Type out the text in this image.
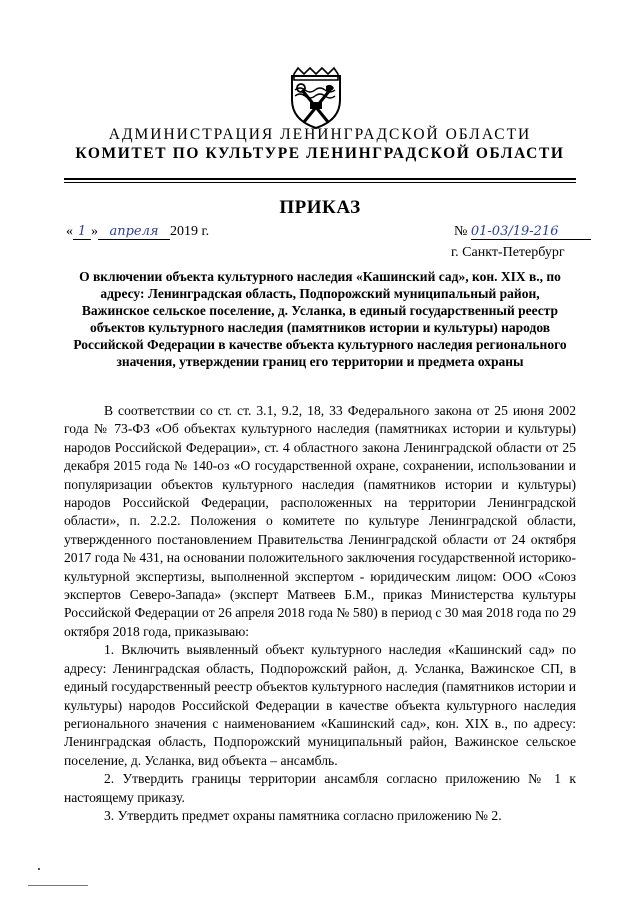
АДМИНИСТРАЦИЯ ЛЕНИНГРАДСКОЙ ОБЛАСТИ
КОМИТЕТ ПО КУЛЬТУРЕ ЛЕНИНГРАДСКОЙ ОБЛАСТИ
ПРИКАЗ
« 1 » апреля 2019 г.	№ 01-03/19-216
г. Санкт-Петербург
О включении объекта культурного наследия «Кашинский сад», кон. XIX в., по адресу: Ленинградская область, Подпорожский муниципальный район, Важинское сельское поселение, д. Усланка, в единый государственный реестр объектов культурного наследия (памятников истории и культуры) народов Российской Федерации в качестве объекта культурного наследия регионального значения, утверждении границ его территории и предмета охраны

В соответствии со ст. ст. 3.1, 9.2, 18, 33 Федерального закона от 25 июня 2002 года № 73-ФЗ «Об объектах культурного наследия (памятниках истории и культуры) народов Российской Федерации», ст. 4 областного закона Ленинградской области от 25 декабря 2015 года № 140-оз «О государственной охране, сохранении, использовании и популяризации объектов культурного наследия (памятников истории и культуры) народов Российской Федерации, расположенных на территории Ленинградской области», п. 2.2.2. Положения о комитете по культуре Ленинградской области, утвержденного постановлением Правительства Ленинградской области от 24 октября 2017 года № 431, на основании положительного заключения государственной историко-культурной экспертизы, выполненной экспертом - юридическим лицом: ООО «Союз экспертов Северо-Запада» (эксперт Матвеев Б.М., приказ Министерства культуры Российской Федерации от 26 апреля 2018 года № 580) в период с 30 мая 2018 года по 29 октября 2018 года, приказываю:

1. Включить выявленный объект культурного наследия «Кашинский сад» по адресу: Ленинградская область, Подпорожский район, д. Усланка, Важинское СП, в единый государственный реестр объектов культурного наследия (памятников истории и культуры) народов Российской Федерации в качестве объекта культурного наследия регионального значения с наименованием «Кашинский сад», кон. XIX в., по адресу: Ленинградская область, Подпорожский муниципальный район, Важинское сельское поселение, д. Усланка, вид объекта – ансамбль.

2. Утвердить границы территории ансамбля согласно приложению № 1 к настоящему приказу.

3. Утвердить предмет охраны памятника согласно приложению № 2.
